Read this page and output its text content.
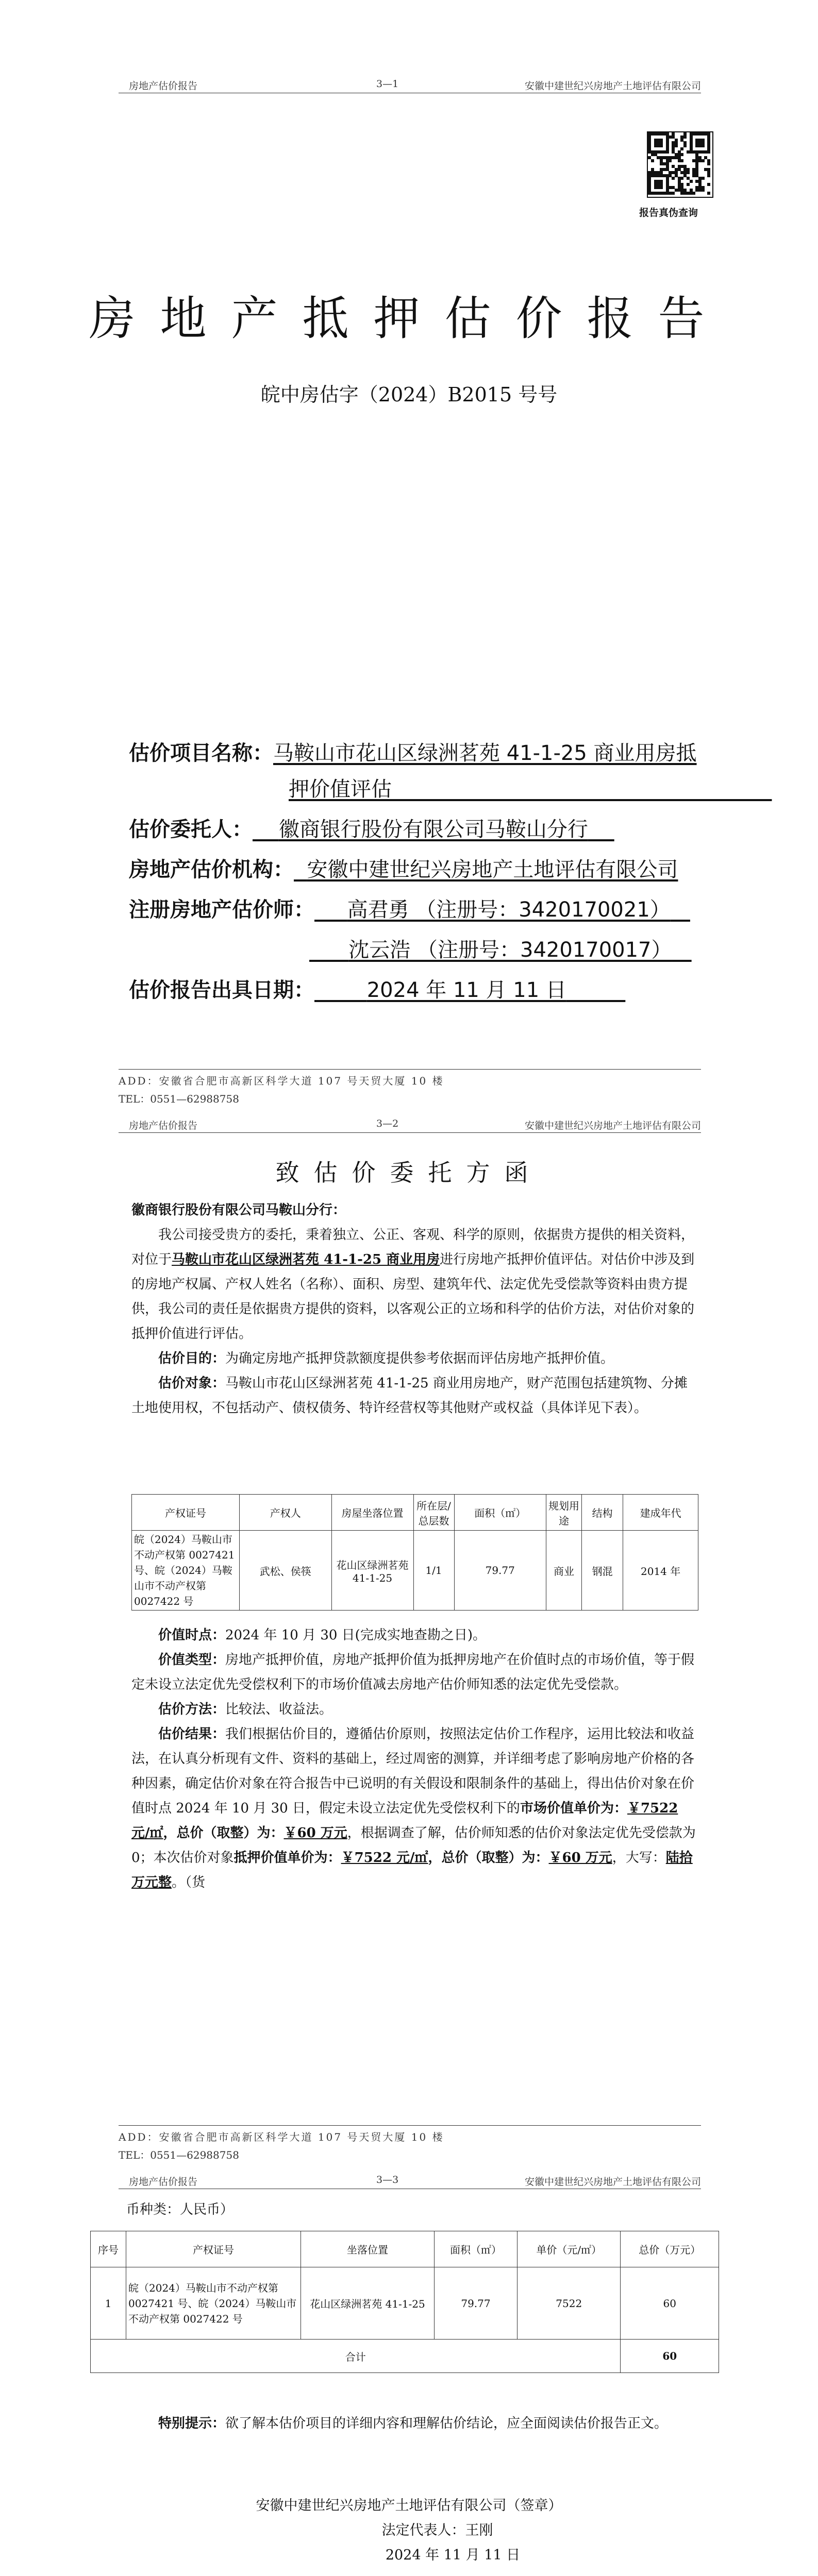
房地产估价报告	3—1	安徽中建世纪兴房地产土地评估有限公司
报告真伪查询
房地产抵押估价报告
皖中房估字（2024）B2015 号号
估价项目名称：马鞍山市花山区绿洲茗苑 41-1-25 商业用房抵
押价值评估
估价委托人： 徽商银行股份有限公司马鞍山分行
房地产估价机构： 安徽中建世纪兴房地产土地评估有限公司
注册房地产估价师： 高君勇 （注册号：3420170021）
沈云浩 （注册号：3420170017）
估价报告出具日期：	2024 年 11 月 11 日
ADD：安徽省合肥市高新区科学大道 107 号天贸大厦 10 楼
TEL：0551—62988758
房地产估价报告	3—2	安徽中建世纪兴房地产土地评估有限公司
致估价委托方函
徽商银行股份有限公司马鞍山分行：

我公司接受贵方的委托，秉着独立、公正、客观、科学的原则，依据贵方提供的相关资料，对位于马鞍山市花山区绿洲茗苑 41-1-25 商业用房进行房地产抵押价值评估。对估价中涉及到的房地产权属、产权人姓名（名称）、面积、房型、建筑年代、法定优先受偿款等资料由贵方提供，我公司的责任是依据贵方提供的资料，以客观公正的立场和科学的估价方法，对估价对象的抵押价值进行评估。

估价目的：为确定房地产抵押贷款额度提供参考依据而评估房地产抵押价值。

估价对象：马鞍山市花山区绿洲茗苑 41-1-25 商业用房地产，财产范围包括建筑物、分摊土地使用权，不包括动产、债权债务、特许经营权等其他财产或权益（具体详见下表）。

产权证号	产权人	房屋坐落位置	所在层/总层数	面积（㎡）	规划用途	结构	建成年代
皖（2024）马鞍山市不动产权第 0027421 号、皖（2024）马鞍山市不动产权第 0027422 号	武松、侯筷	花山区绿洲茗苑 41-1-25	1/1	79.77	商业	钢混	2014 年

价值时点：2024 年 10 月 30 日(完成实地查勘之日)。

价值类型：房地产抵押价值，房地产抵押价值为抵押房地产在价值时点的市场价值，等于假定未设立法定优先受偿权利下的市场价值减去房地产估价师知悉的法定优先受偿款。

估价方法：比较法、收益法。

估价结果：我们根据估价目的，遵循估价原则，按照法定估价工作程序，运用比较法和收益法，在认真分析现有文件、资料的基础上，经过周密的测算，并详细考虑了影响房地产价格的各种因素，确定估价对象在符合报告中已说明的有关假设和限制条件的基础上，得出估价对象在价值时点 2024 年 10 月 30 日，假定未设立法定优先受偿权利下的市场价值单价为：￥7522 元/㎡，总价（取整）为：￥60 万元，根据调查了解，估价师知悉的估价对象法定优先受偿款为 0；本次估价对象抵押价值单价为：￥7522 元/㎡，总价（取整）为：￥60 万元，大写：陆拾万元整。（货

ADD：安徽省合肥市高新区科学大道 107 号天贸大厦 10 楼
TEL：0551—62988758
房地产估价报告	3—3	安徽中建世纪兴房地产土地评估有限公司
币种类：人民币）
序号	产权证号	坐落位置	面积（㎡）	单价（元/㎡）	总价（万元）
1	皖（2024）马鞍山市不动产权第 0027421 号、皖（2024）马鞍山市不动产权第 0027422 号	花山区绿洲茗苑 41-1-25	79.77	7522	60
合计					60

特别提示：欲了解本估价项目的详细内容和理解估价结论，应全面阅读估价报告正文。

安徽中建世纪兴房地产土地评估有限公司（签章）
法定代表人：王刚
2024 年 11 月 11 日
